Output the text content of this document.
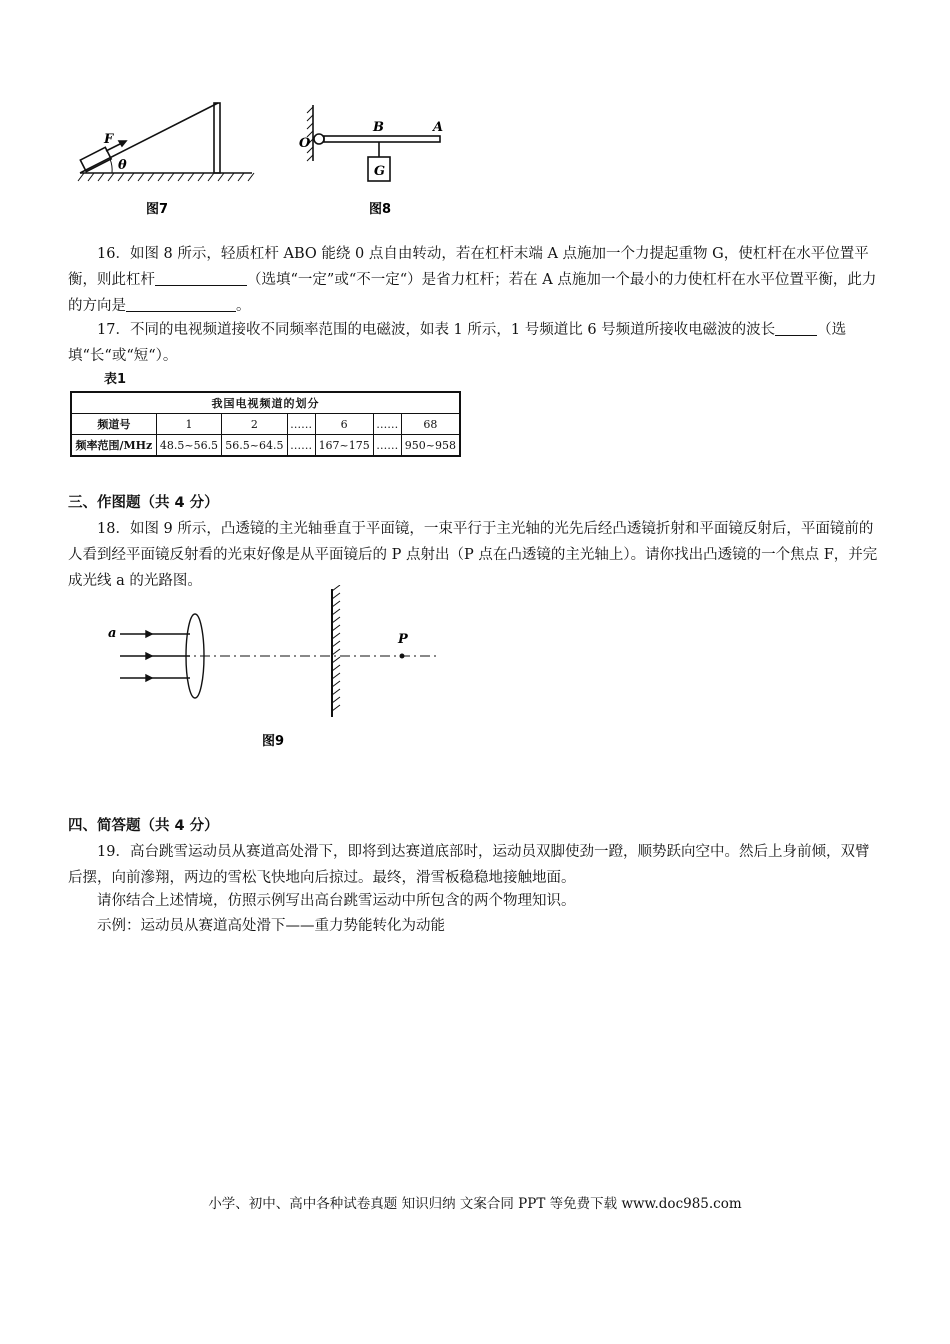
F
θ
图7
O
B	A
G
图8
16．如图 8 所示，轻质杠杆 ABO 能绕 0 点自由转动，若在杠杆末端 A 点施加一个力提起重物 G，使杠杆在水平位置平衡，则此杠杆	（选填“一定”或“不一定“）是省力杠杆；若在 A 点施加一个最小的力使杠杆在水平位置平衡，此力的方向是	。
17．不同的电视频道接收不同频率范围的电磁波，如表 1 所示，1 号频道比 6 号频道所接收电磁波的波长	（选填“长“或“短“）。
表1
我国电视频道的划分						
频道号	1	2	……	6	……	68
频率范围/MHz	48.5~56.5	56.5~64.5	……	167~175	……	950~958
三、作图题（共 4 分）
18．如图 9 所示，凸透镜的主光轴垂直于平面镜，一束平行于主光轴的光先后经凸透镜折射和平面镜反射后，平面镜前的人看到经平面镜反射看的光束好像是从平面镜后的 P 点射出（P 点在凸透镜的主光轴上）。请你找出凸透镜的一个焦点 F，并完成光线 a 的光路图。
a	P
图9
四、简答题（共 4 分）
19．高台跳雪运动员从赛道高处滑下，即将到达赛道底部时，运动员双脚使劲一蹬，顺势跃向空中。然后上身前倾，双臂后摆，向前滲翔，两边的雪松飞快地向后掠过。最终，滑雪板稳稳地接触地面。
请你结合上述情境，仿照示例写出高台跳雪运动中所包含的两个物理知识。
示例：运动员从赛道高处滑下——重力势能转化为动能
小学、初中、高中各种试卷真题 知识归纳 文案合同 PPT 等免费下载 www.doc985.com
